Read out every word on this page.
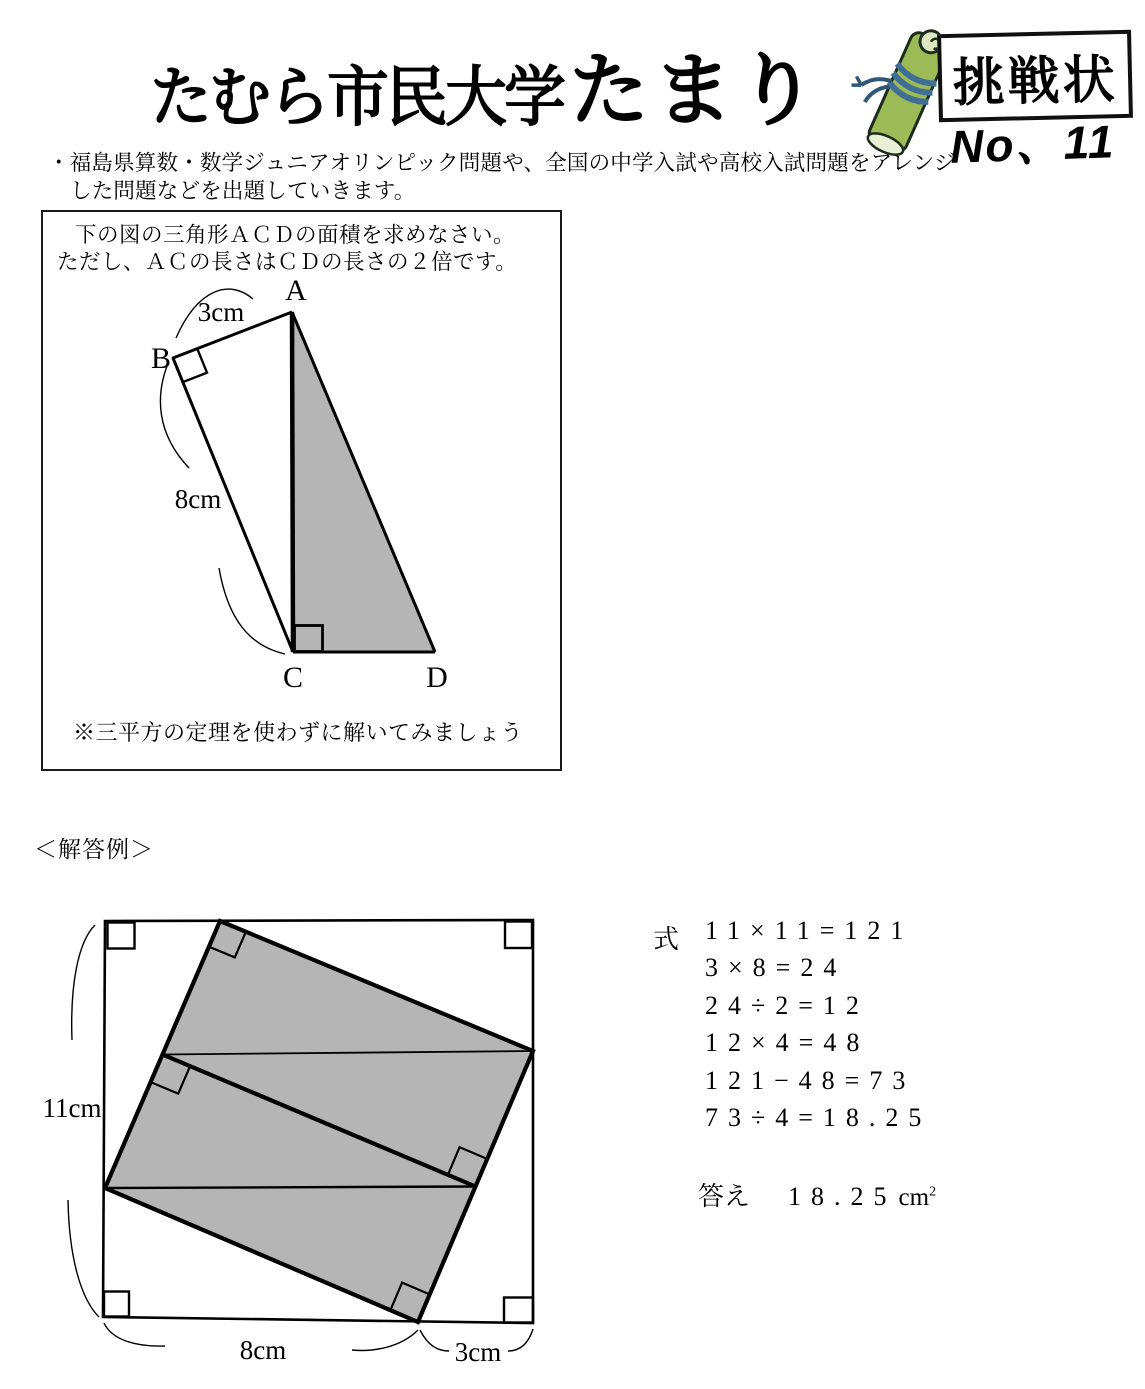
たむら市民大学 たまり	挑戦状
No、11
・福島県算数・数学ジュニアオリンピック問題や、全国の中学入試や高校入試問題をアレンジ
した問題などを出題していきます。
下の図の三角形ＡＣＤの面積を求めなさい。
ただし、ＡＣの長さはＣＤの長さの２倍です。
※三平方の定理を使わずに解いてみましょう
A
B
C	D
3cm
8cm
＜解答例＞
11cm
8cm	3cm
式 11×11=121
3×8=24
24÷2=12
12×4=48
121−48=73
73÷4=18.25
答え 18.25 $cm^2$
